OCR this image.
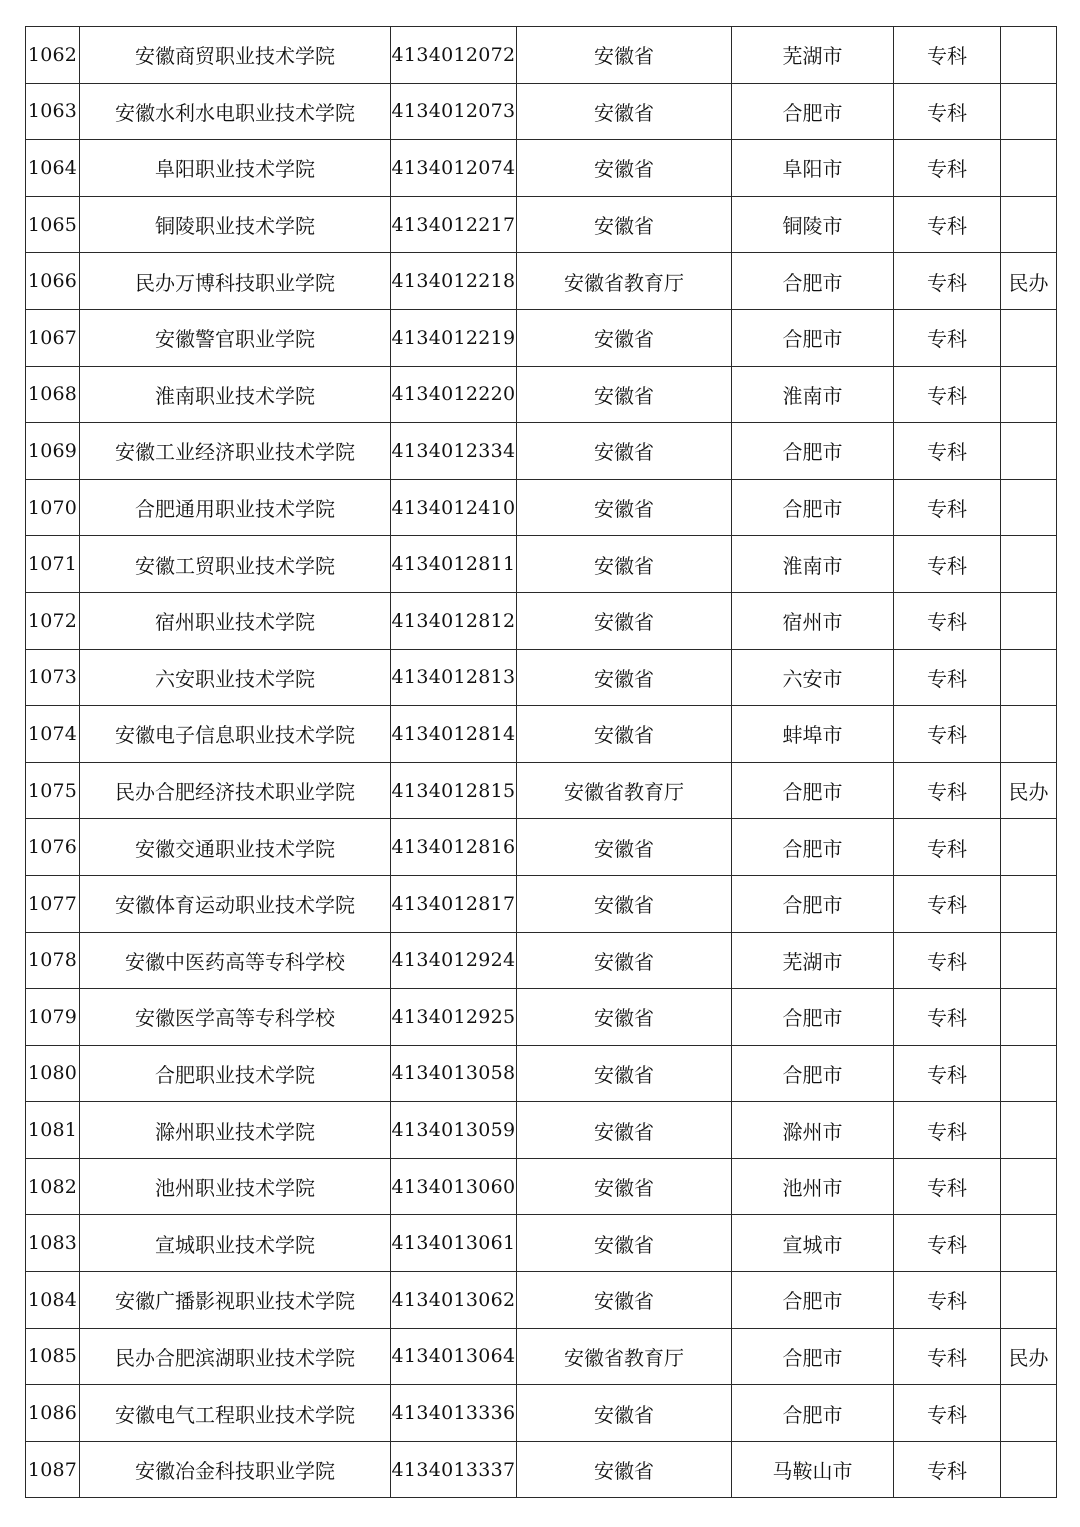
1062	安徽商贸职业技术学院	4134012072	安徽省	芜湖市	专科	
1063	安徽水利水电职业技术学院	4134012073	安徽省	合肥市	专科	
1064	阜阳职业技术学院	4134012074	安徽省	阜阳市	专科	
1065	铜陵职业技术学院	4134012217	安徽省	铜陵市	专科	
1066	民办万博科技职业学院	4134012218	安徽省教育厅	合肥市	专科	民办
1067	安徽警官职业学院	4134012219	安徽省	合肥市	专科	
1068	淮南职业技术学院	4134012220	安徽省	淮南市	专科	
1069	安徽工业经济职业技术学院	4134012334	安徽省	合肥市	专科	
1070	合肥通用职业技术学院	4134012410	安徽省	合肥市	专科	
1071	安徽工贸职业技术学院	4134012811	安徽省	淮南市	专科	
1072	宿州职业技术学院	4134012812	安徽省	宿州市	专科	
1073	六安职业技术学院	4134012813	安徽省	六安市	专科	
1074	安徽电子信息职业技术学院	4134012814	安徽省	蚌埠市	专科	
1075	民办合肥经济技术职业学院	4134012815	安徽省教育厅	合肥市	专科	民办
1076	安徽交通职业技术学院	4134012816	安徽省	合肥市	专科	
1077	安徽体育运动职业技术学院	4134012817	安徽省	合肥市	专科	
1078	安徽中医药高等专科学校	4134012924	安徽省	芜湖市	专科	
1079	安徽医学高等专科学校	4134012925	安徽省	合肥市	专科	
1080	合肥职业技术学院	4134013058	安徽省	合肥市	专科	
1081	滁州职业技术学院	4134013059	安徽省	滁州市	专科	
1082	池州职业技术学院	4134013060	安徽省	池州市	专科	
1083	宣城职业技术学院	4134013061	安徽省	宣城市	专科	
1084	安徽广播影视职业技术学院	4134013062	安徽省	合肥市	专科	
1085	民办合肥滨湖职业技术学院	4134013064	安徽省教育厅	合肥市	专科	民办
1086	安徽电气工程职业技术学院	4134013336	安徽省	合肥市	专科	
1087	安徽冶金科技职业学院	4134013337	安徽省	马鞍山市	专科	
